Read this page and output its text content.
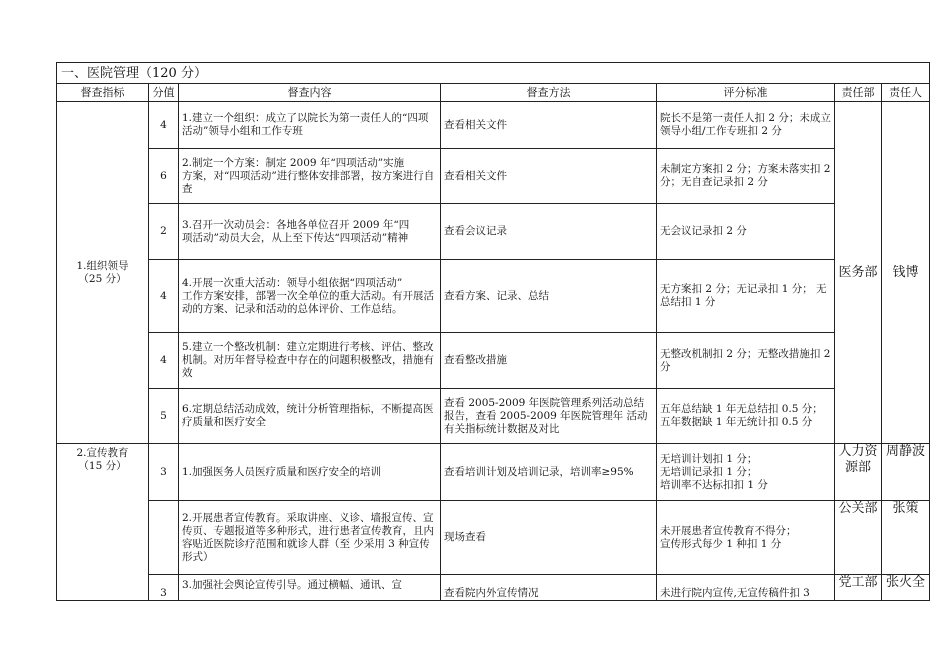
一、医院管理（120 分）						
督查指标	分值	督查内容	督查方法	评分标准	责任部	责任人
1.组织领导
（25 分）	4	1.建立一个组织：成立了以院长为第一责任人的“四项活动”领导小组和工作专班	查看相关文件	院长不是第一责任人扣 2 分；未成立领导小组/工作专班扣 2 分	医务部	钱博
	6	2.制定一个方案：制定 2009 年“四项活动”实施
方案，对“四项活动”进行整体安排部署，按方案进行自查	查看相关文件	未制定方案扣 2 分；方案未落实扣 2 分；无自查记录扣 2 分		
	2	3.召开一次动员会：各地各单位召开 2009 年“四
项活动”动员大会，从上至下传达“四项活动”精神	查看会议记录	无会议记录扣 2 分		
	4	4.开展一次重大活动：领导小组依据“四项活动”
工作方案安排，部署一次全单位的重大活动。有开展活动的方案、记录和活动的总体评价、工作总结。	查看方案、记录、总结	无方案扣 2 分；无记录扣 1 分； 无总结扣 1 分		
	4	5.建立一个整改机制：建立定期进行考核、评估、整改机制。对历年督导检查中存在的问题积极整改，措施有效	查看整改措施	无整改机制扣 2 分；无整改措施扣 2 分		
	5	6.定期总结活动成效，统计分析管理指标，不断提高医疗质量和医疗安全	查看 2005-2009 年医院管理系列活动总结报告，查看 2005-2009 年医院管理年 活动有关指标统计数据及对比	五年总结缺 1 年无总结扣 0.5 分； 五年数据缺 1 年无统计扣 0.5 分		
2.宣传教育
（15 分）	3	1.加强医务人员医疗质量和医疗安全的培训	查看培训计划及培训记录，培训率≥95%	无培训计划扣 1 分；
无培训记录扣 1 分；
培训率不达标扣扣 1 分	人力资源部	周静波
		2.开展患者宣传教育。采取讲座、义诊、墙报宣传、宣传页、专题报道等多种形式，进行患者宣传教育，且内容贴近医院诊疗范围和就诊人群（至 少采用 3 种宣传形式）	现场查看	未开展患者宣传教育不得分；
宣传形式每少 1 种扣 1 分	公关部	张策
	3	3.加强社会舆论宣传引导。通过横幅、通讯、宣	查看院内外宣传情况	未进行院内宣传,无宣传稿件扣 3	党工部	张火全
